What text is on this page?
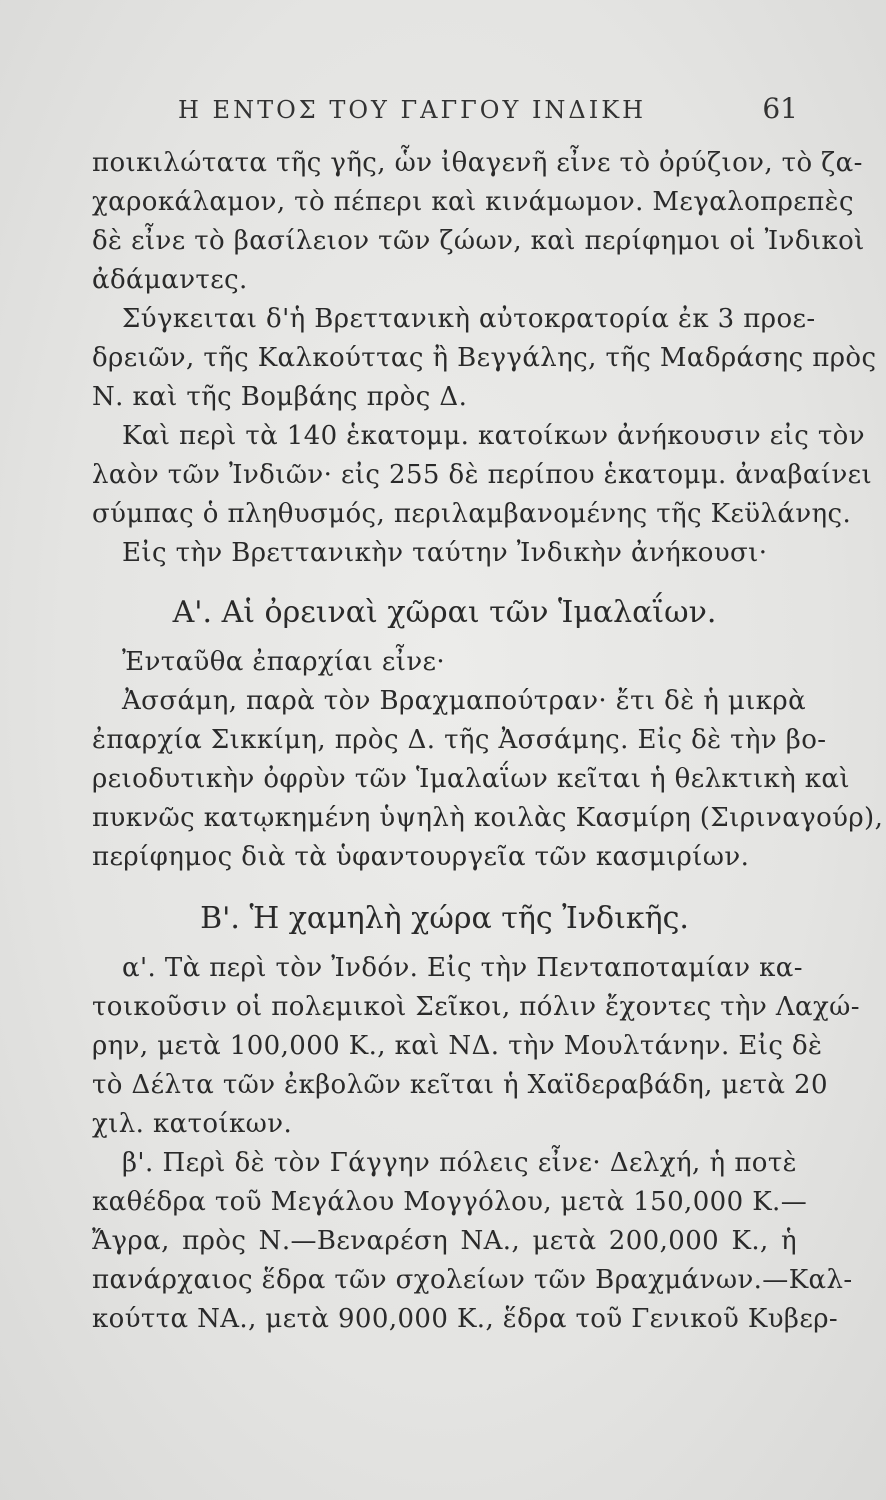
Η ΕΝΤΟΣ ΤΟΥ ΓΑΓΓΟΥ ΙΝΔΙΚΗ	61
ποικιλώτατα τῆς γῆς, ὧν ἰθαγενῆ εἶνε τὸ ὀρύζιον, τὸ ζα-
χαροκάλαμον, τὸ πέπερι καὶ κινάμωμον. Μεγαλοπρεπὲς
δὲ εἶνε τὸ βασίλειον τῶν ζώων, καὶ περίφημοι οἱ Ἰνδικοὶ
ἀδάμαντες.
Σύγκειται δ'ἡ Βρεττανικὴ αὐτοκρατορία ἐκ 3 προε-
δρειῶν, τῆς Καλκούττας ἢ Βεγγάλης, τῆς Μαδράσης πρὸς
Ν. καὶ τῆς Βομβάης πρὸς Δ.
Καὶ περὶ τὰ 140 ἑκατομμ. κατοίκων ἀνήκουσιν εἰς τὸν
λαὸν τῶν Ἰνδιῶν· εἰς 255 δὲ περίπου ἑκατομμ. ἀναβαίνει
σύμπας ὁ πληθυσμός, περιλαμβανομένης τῆς Κεϋλάνης.
Εἰς τὴν Βρεττανικὴν ταύτην Ἰνδικὴν ἀνήκουσι·
Α'. Αἱ ὀρειναὶ χῶραι τῶν Ἱμαλαΐων.
Ἐνταῦθα ἐπαρχίαι εἶνε·
Ἀσσάμη, παρὰ τὸν Βραχμαπούτραν· ἔτι δὲ ἡ μικρὰ
ἐπαρχία Σικκίμη, πρὸς Δ. τῆς Ἀσσάμης. Εἰς δὲ τὴν βο-
ρειοδυτικὴν ὀφρὺν τῶν Ἱμαλαΐων κεῖται ἡ θελκτικὴ καὶ
πυκνῶς κατῳκημένη ὑψηλὴ κοιλὰς Κασμίρη (Σιριναγούρ),
περίφημος διὰ τὰ ὑφαντουργεῖα τῶν κασμιρίων.
Β'. Ἡ χαμηλὴ χώρα τῆς Ἰνδικῆς.
α'. Τὰ περὶ τὸν Ἰνδόν. Εἰς τὴν Πενταποταμίαν κα-
τοικοῦσιν οἱ πολεμικοὶ Σεῖκοι, πόλιν ἔχοντες τὴν Λαχώ-
ρην, μετὰ 100,000 Κ., καὶ ΝΔ. τὴν Μουλτάνην. Εἰς δὲ
τὸ Δέλτα τῶν ἐκβολῶν κεῖται ἡ Χαϊδεραβάδη, μετὰ 20
χιλ. κατοίκων.
β'. Περὶ δὲ τὸν Γάγγην πόλεις εἶνε· Δελχή, ἡ ποτὲ
καθέδρα τοῦ Μεγάλου Μογγόλου, μετὰ 150,000 Κ.—
Ἄγρα, πρὸς Ν.—Βεναρέση ΝΑ., μετὰ 200,000 Κ., ἡ
πανάρχαιος ἕδρα τῶν σχολείων τῶν Βραχμάνων.—Καλ-
κούττα ΝΑ., μετὰ 900,000 Κ., ἕδρα τοῦ Γενικοῦ Κυβερ-
